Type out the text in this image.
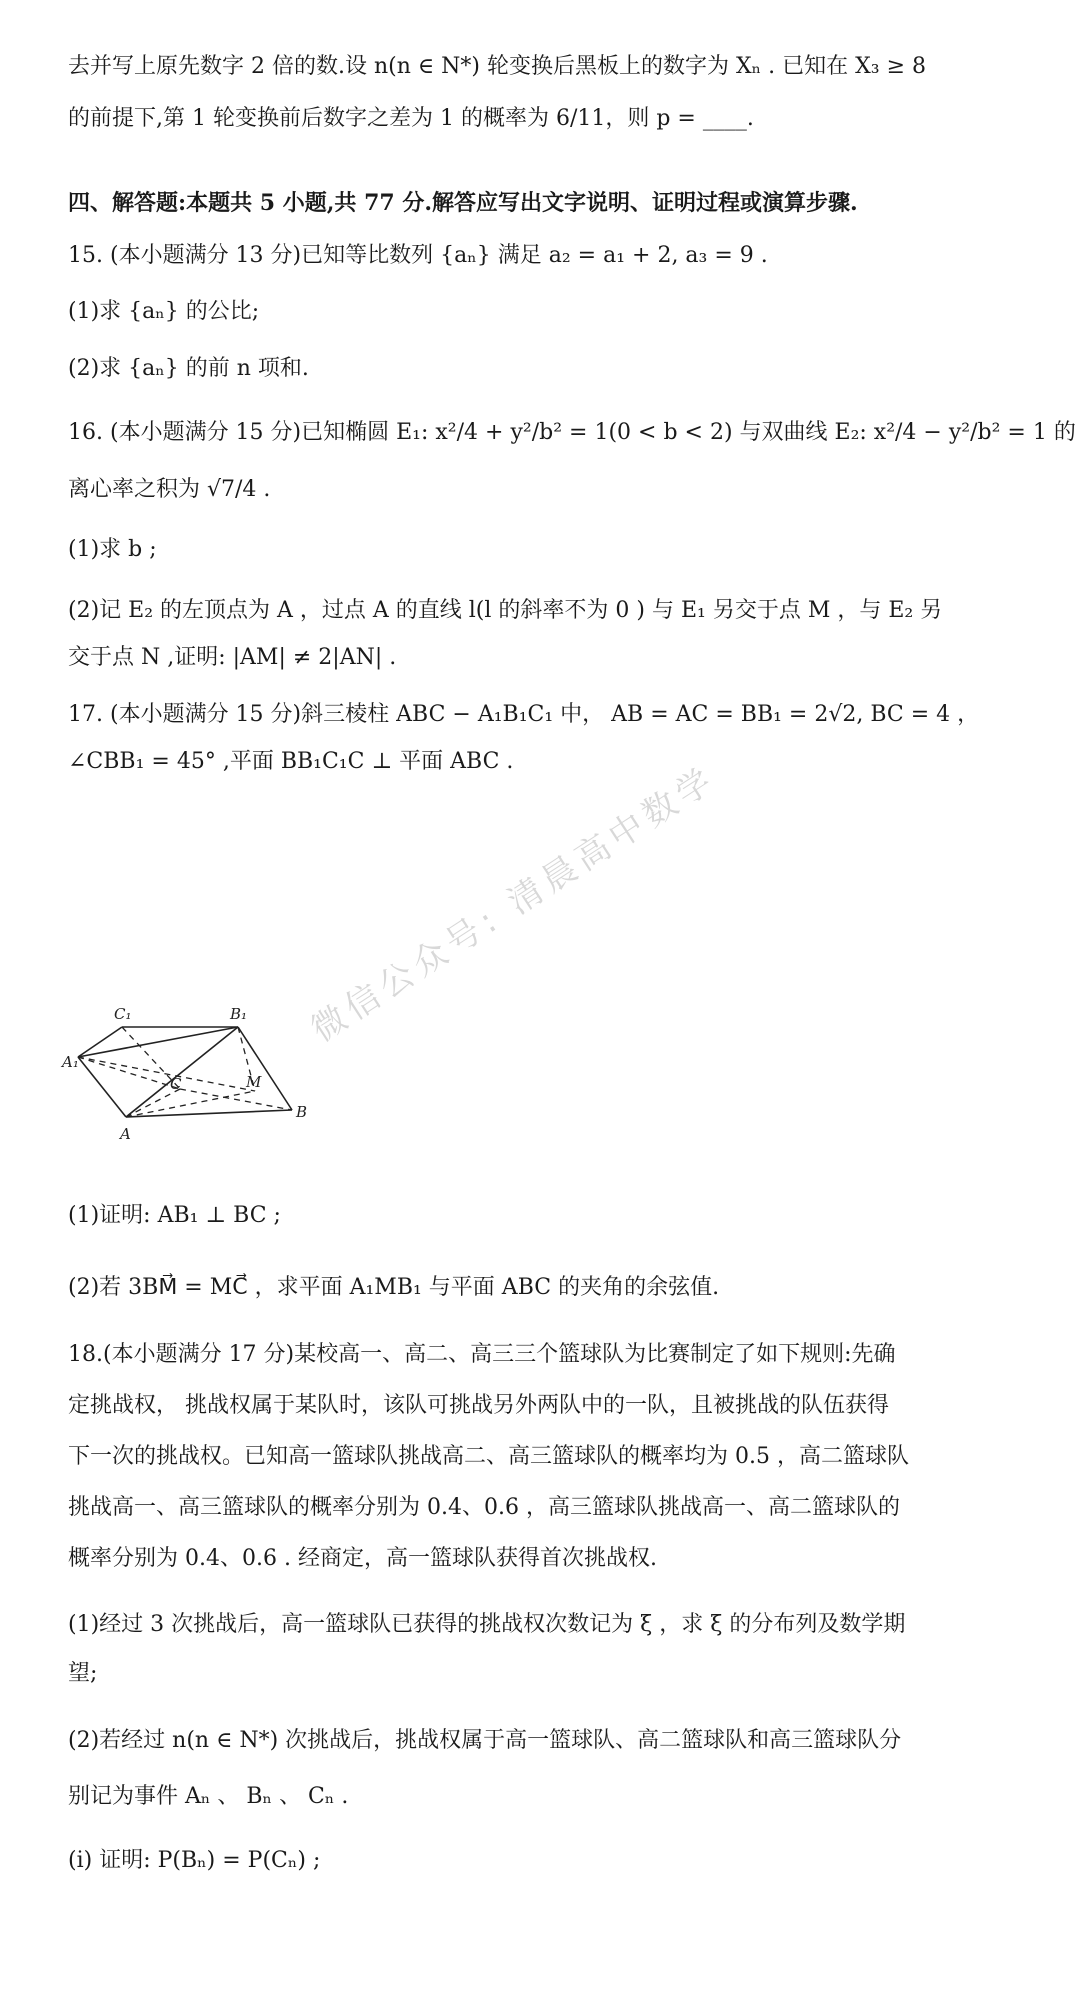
去并写上原先数字 2 倍的数.设 n(n ∈ N*) 轮变换后黑板上的数字为 Xₙ . 已知在 X₃ ≥ 8
的前提下,第 1 轮变换前后数字之差为 1 的概率为 6/11，则 p = ____.
四、解答题:本题共 5 小题,共 77 分.解答应写出文字说明、证明过程或演算步骤.
15. (本小题满分 13 分)已知等比数列 {aₙ} 满足 a₂ = a₁ + 2, a₃ = 9 .
(1)求 {aₙ} 的公比;
(2)求 {aₙ} 的前 n 项和.
16. (本小题满分 15 分)已知椭圆 E₁: x²/4 + y²/b² = 1(0 < b < 2) 与双曲线 E₂: x²/4 − y²/b² = 1 的
离心率之积为 √7/4 .
(1)求 b ;
(2)记 E₂ 的左顶点为 A ，过点 A 的直线 l(l 的斜率不为 0 ) 与 E₁ 另交于点 M ，与 E₂ 另
交于点 N ,证明: |AM| ≠ 2|AN| .
17. (本小题满分 15 分)斜三棱柱 ABC − A₁B₁C₁ 中， AB = AC = BB₁ = 2√2, BC = 4 ，
∠CBB₁ = 45° ,平面 BB₁C₁C ⊥ 平面 ABC .
C₁	B₁
A₁
C	M
B
A
(1)证明: AB₁ ⊥ BC ;
(2)若 3BM⃗ = MC⃗ ，求平面 A₁MB₁ 与平面 ABC 的夹角的余弦值.
18.(本小题满分 17 分)某校高一、高二、高三三个篮球队为比赛制定了如下规则:先确
定挑战权， 挑战权属于某队时，该队可挑战另外两队中的一队，且被挑战的队伍获得
下一次的挑战权。已知高一篮球队挑战高二、高三篮球队的概率均为 0.5 ，高二篮球队
挑战高一、高三篮球队的概率分别为 0.4、0.6 ，高三篮球队挑战高一、高二篮球队的
概率分别为 0.4、0.6 . 经商定，高一篮球队获得首次挑战权.
(1)经过 3 次挑战后，高一篮球队已获得的挑战权次数记为 ξ ，求 ξ 的分布列及数学期
望;
(2)若经过 n(n ∈ N*) 次挑战后，挑战权属于高一篮球队、高二篮球队和高三篮球队分
别记为事件 Aₙ 、 Bₙ 、 Cₙ .
(i) 证明: P(Bₙ) = P(Cₙ) ;
微信公众号: 清晨高中数学
